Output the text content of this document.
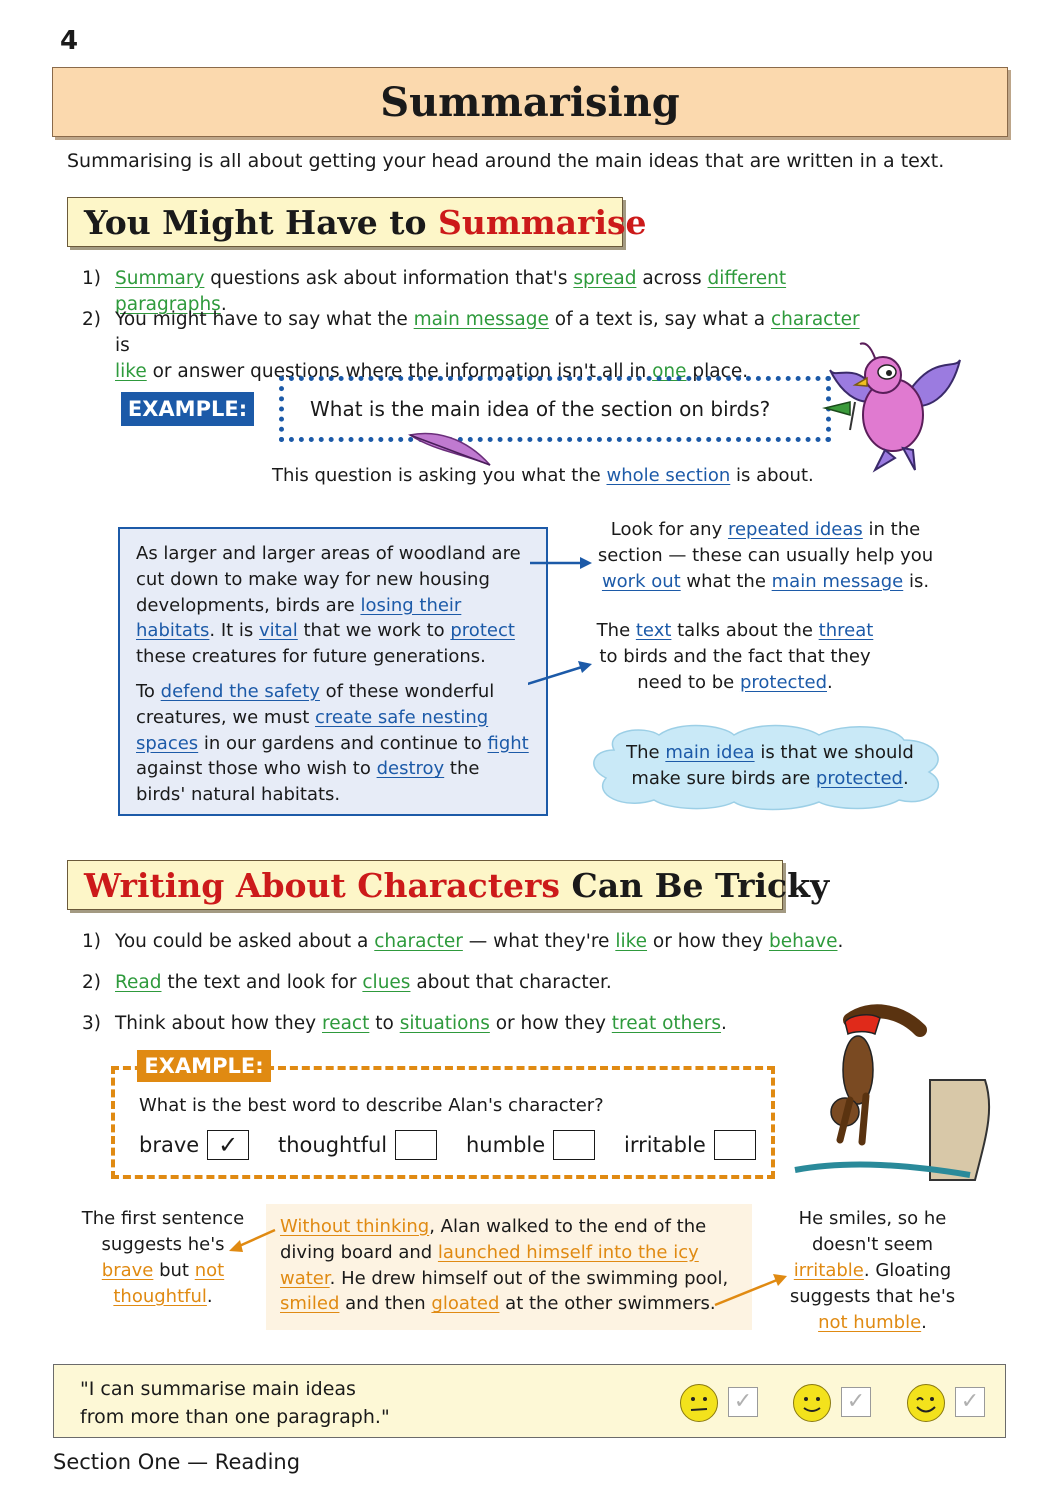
4
Summarising
Summarising is all about getting your head around the main ideas that are written in a text.
You Might Have to Summarise
1) Summary questions ask about information that's spread across different paragraphs.
2) You might have to say what the main message of a text is, say what a character is
like or answer questions where the information isn't all in one place.
EXAMPLE:	What is the main idea of the section on birds?
This question is asking you what the whole section is about.

As larger and larger areas of woodland are cut down to make way for new housing developments, birds are losing their habitats. It is vital that we work to protect these creatures for future generations.

To defend the safety of these wonderful creatures, we must create safe nesting spaces in our gardens and continue to fight against those who wish to destroy the birds' natural habitats.

Look for any repeated ideas in the section — these can usually help you work out what the main message is.
The text talks about the threat to birds and the fact that they need to be protected.
The main idea is that we should make sure birds are protected.
Writing About Characters Can Be Tricky
1) You could be asked about a character — what they're like or how they behave.
2) Read the text and look for clues about that character.
3) Think about how they react to situations or how they treat others.
EXAMPLE:
What is the best word to describe Alan's character?
brave ✓	thoughtful	humble	irritable
The first sentence suggests he's brave but not thoughtful.
Without thinking, Alan walked to the end of the diving board and launched himself into the icy water. He drew himself out of the swimming pool, smiled and then gloated at the other swimmers.
He smiles, so he doesn't seem irritable. Gloating suggests that he's not humble.
"I can summarise main ideas
from more than one paragraph."
✓	✓	✓
Section One — Reading
